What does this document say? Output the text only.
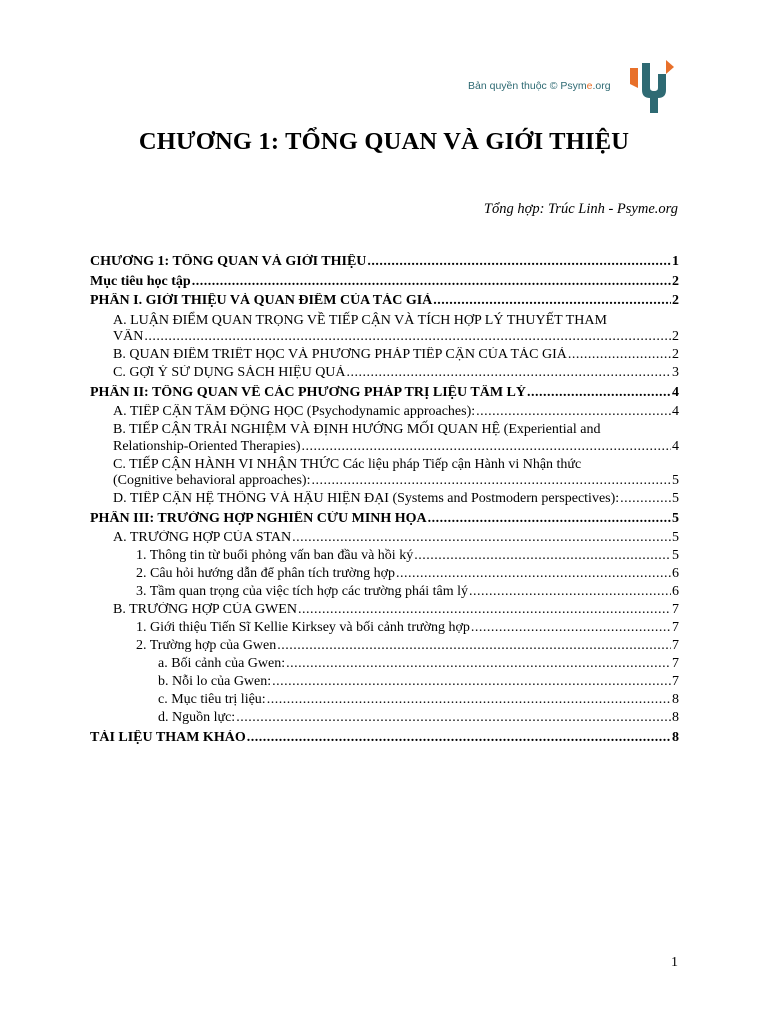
Bản quyền thuộc © Psyme.org
CHƯƠNG 1: TỔNG QUAN VÀ GIỚI THIỆU
Tổng hợp: Trúc Linh - Psyme.org
CHƯƠNG 1: TỔNG QUAN VÀ GIỚI THIỆU .....	1
Mục tiêu học tập .....	2
PHẦN I. GIỚI THIỆU VÀ QUAN ĐIỂM CỦA TÁC GIẢ .....	2
A. LUẬN ĐIỂM QUAN TRỌNG VỀ TIẾP CẬN VÀ TÍCH HỢP LÝ THUYẾT THAM
VẤN .....	2
B. QUAN ĐIỂM TRIẾT HỌC VÀ PHƯƠNG PHÁP TIẾP CẬN CỦA TÁC GIẢ .....	2
C. GỢI Ý SỬ DỤNG SÁCH HIỆU QUẢ .....	3
PHẦN II: TỔNG QUAN VỀ CÁC PHƯƠNG PHÁP TRỊ LIỆU TÂM LÝ .....	4
A. TIẾP CẬN TÂM ĐỘNG HỌC (Psychodynamic approaches): .....	4
B. TIẾP CẬN TRẢI NGHIỆM VÀ ĐỊNH HƯỚNG MỐI QUAN HỆ (Experiential and
Relationship-Oriented Therapies) .....	4
C. TIẾP CẬN HÀNH VI NHẬN THỨC Các liệu pháp Tiếp cận Hành vi Nhận thức
(Cognitive behavioral approaches): .....	5
D. TIẾP CẬN HỆ THỐNG VÀ HẬU HIỆN ĐẠI (Systems and Postmodern perspectives): .....	5
PHẦN III: TRƯỜNG HỢP NGHIÊN CỨU MINH HỌA .....	5
A. TRƯỜNG HỢP CỦA STAN .....	5
1. Thông tin từ buổi phỏng vấn ban đầu và hồi ký .....	5
2. Câu hỏi hướng dẫn để phân tích trường hợp .....	6
3. Tầm quan trọng của việc tích hợp các trường phái tâm lý .....	6
B. TRƯỜNG HỢP CỦA GWEN .....	7
1. Giới thiệu Tiến Sĩ Kellie Kirksey và bối cảnh trường hợp .....	7
2. Trường hợp của Gwen .....	7
a. Bối cảnh của Gwen: .....	7
b. Nỗi lo của Gwen: .....	7
c. Mục tiêu trị liệu: .....	8
d. Nguồn lực: .....	8
TÀI LIỆU THAM KHẢO .....	8
1
